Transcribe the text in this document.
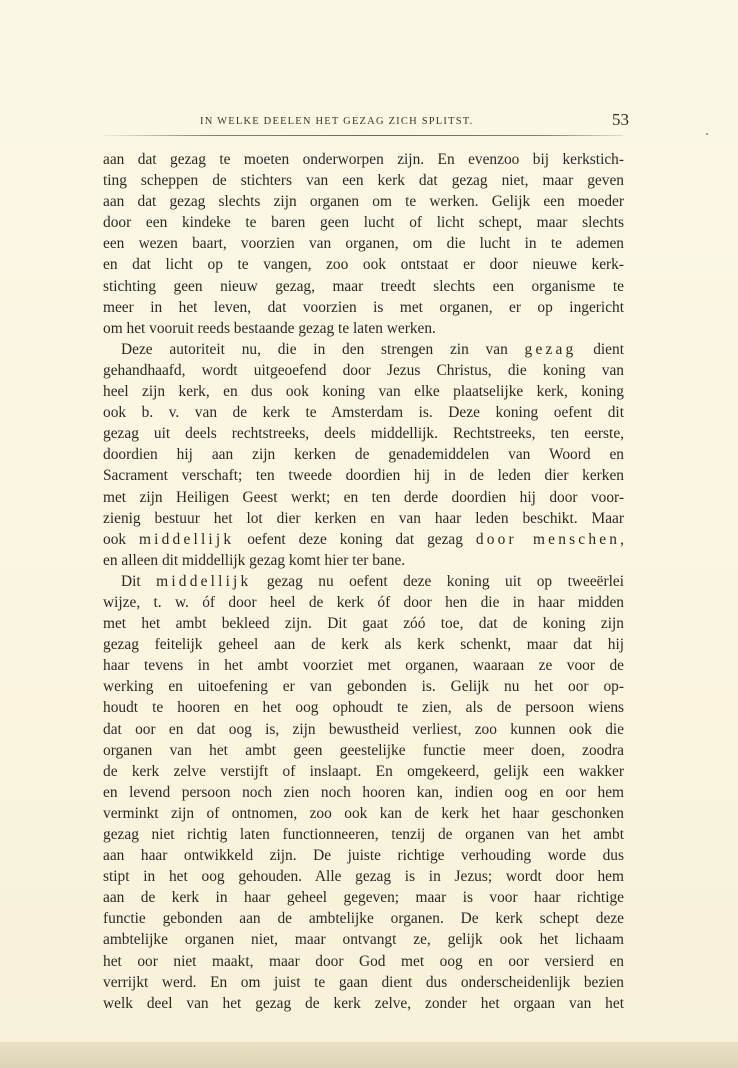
IN WELKE DEELEN HET GEZAG ZICH SPLITST.	53
aan dat gezag te moeten onderworpen zijn. En evenzoo bij kerkstich-
ting scheppen de stichters van een kerk dat gezag niet, maar geven
aan dat gezag slechts zijn organen om te werken. Gelijk een moeder
door een kindeke te baren geen lucht of licht schept, maar slechts
een wezen baart, voorzien van organen, om die lucht in te ademen
en dat licht op te vangen, zoo ook ontstaat er door nieuwe kerk-
stichting geen nieuw gezag, maar treedt slechts een organisme te
meer in het leven, dat voorzien is met organen, er op ingericht
om het vooruit reeds bestaande gezag te laten werken.
Deze autoriteit nu, die in den strengen zin van gezag dient
gehandhaafd, wordt uitgeoefend door Jezus Christus, die koning van
heel zijn kerk, en dus ook koning van elke plaatselijke kerk, koning
ook b. v. van de kerk te Amsterdam is. Deze koning oefent dit
gezag uit deels rechtstreeks, deels middellijk. Rechtstreeks, ten eerste,
doordien hij aan zijn kerken de genademiddelen van Woord en
Sacrament verschaft; ten tweede doordien hij in de leden dier kerken
met zijn Heiligen Geest werkt; en ten derde doordien hij door voor-
zienig bestuur het lot dier kerken en van haar leden beschikt. Maar
ook middellijk oefent deze koning dat gezag door menschen,
en alleen dit middellijk gezag komt hier ter bane.
Dit middellijk gezag nu oefent deze koning uit op tweeërlei
wijze, t. w. óf door heel de kerk óf door hen die in haar midden
met het ambt bekleed zijn. Dit gaat zóó toe, dat de koning zijn
gezag feitelijk geheel aan de kerk als kerk schenkt, maar dat hij
haar tevens in het ambt voorziet met organen, waaraan ze voor de
werking en uitoefening er van gebonden is. Gelijk nu het oor op-
houdt te hooren en het oog ophoudt te zien, als de persoon wiens
dat oor en dat oog is, zijn bewustheid verliest, zoo kunnen ook die
organen van het ambt geen geestelijke functie meer doen, zoodra
de kerk zelve verstijft of inslaapt. En omgekeerd, gelijk een wakker
en levend persoon noch zien noch hooren kan, indien oog en oor hem
verminkt zijn of ontnomen, zoo ook kan de kerk het haar geschonken
gezag niet richtig laten functionneeren, tenzij de organen van het ambt
aan haar ontwikkeld zijn. De juiste richtige verhouding worde dus
stipt in het oog gehouden. Alle gezag is in Jezus; wordt door hem
aan de kerk in haar geheel gegeven; maar is voor haar richtige
functie gebonden aan de ambtelijke organen. De kerk schept deze
ambtelijke organen niet, maar ontvangt ze, gelijk ook het lichaam
het oor niet maakt, maar door God met oog en oor versierd en
verrijkt werd. En om juist te gaan dient dus onderscheidenlijk bezien
welk deel van het gezag de kerk zelve, zonder het orgaan van het
